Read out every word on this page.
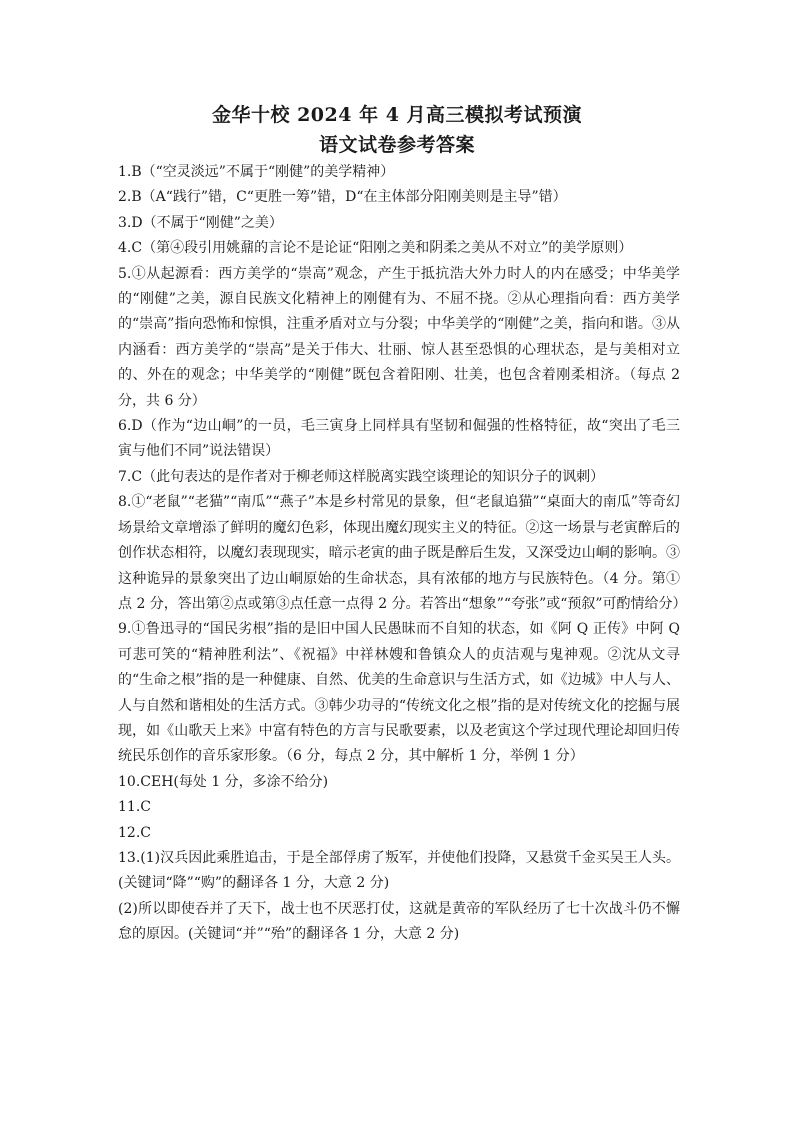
金华十校 2024 年 4 月高三模拟考试预演
语文试卷参考答案

1.B（“空灵淡远”不属于“刚健”的美学精神）

2.B（A“践行”错，C“更胜一筹”错，D“在主体部分阳刚美则是主导”错）

3.D（不属于“刚健”之美）

4.C（第④段引用姚鼐的言论不是论证“阳刚之美和阴柔之美从不对立”的美学原则）

5.①从起源看：西方美学的“崇高”观念，产生于抵抗浩大外力时人的内在感受；中华美学的“刚健”之美，源自民族文化精神上的刚健有为、不屈不挠。②从心理指向看：西方美学的“崇高”指向恐怖和惊惧，注重矛盾对立与分裂；中华美学的“刚健”之美，指向和谐。③从内涵看：西方美学的“崇高”是关于伟大、壮丽、惊人甚至恐惧的心理状态，是与美相对立的、外在的观念；中华美学的“刚健”既包含着阳刚、壮美，也包含着刚柔相济。（每点 2 分，共 6 分）

6.D（作为“边山峒”的一员，毛三寅身上同样具有坚韧和倔强的性格特征，故“突出了毛三寅与他们不同”说法错误）

7.C（此句表达的是作者对于柳老师这样脱离实践空谈理论的知识分子的讽刺）

8.①“老鼠”“老猫”“南瓜”“燕子”本是乡村常见的景象，但“老鼠追猫”“桌面大的南瓜”等奇幻场景给文章增添了鲜明的魔幻色彩，体现出魔幻现实主义的特征。②这一场景与老寅醉后的创作状态相符，以魔幻表现现实，暗示老寅的曲子既是醉后生发，又深受边山峒的影响。③这种诡异的景象突出了边山峒原始的生命状态，具有浓郁的地方与民族特色。（4 分。第①点 2 分，答出第②点或第③点任意一点得 2 分。若答出“想象”“夸张”或“预叙”可酌情给分）

9.①鲁迅寻的“国民劣根”指的是旧中国人民愚昧而不自知的状态，如《阿 Q 正传》中阿 Q 可悲可笑的“精神胜利法”、《祝福》中祥林嫂和鲁镇众人的贞洁观与鬼神观。②沈从文寻的“生命之根”指的是一种健康、自然、优美的生命意识与生活方式，如《边城》中人与人、人与自然和谐相处的生活方式。③韩少功寻的“传统文化之根”指的是对传统文化的挖掘与展现，如《山歌天上来》中富有特色的方言与民歌要素，以及老寅这个学过现代理论却回归传统民乐创作的音乐家形象。（6 分，每点 2 分，其中解析 1 分，举例 1 分）

10.CEH(每处 1 分，多涂不给分)

11.C

12.C

13.(1)汉兵因此乘胜追击，于是全部俘虏了叛军，并使他们投降，又悬赏千金买吴王人头。(关键词“降”“购”的翻译各 1 分，大意 2 分)

(2)所以即使吞并了天下，战士也不厌恶打仗，这就是黄帝的军队经历了七十次战斗仍不懈怠的原因。(关键词“并”“殆”的翻译各 1 分，大意 2 分)
